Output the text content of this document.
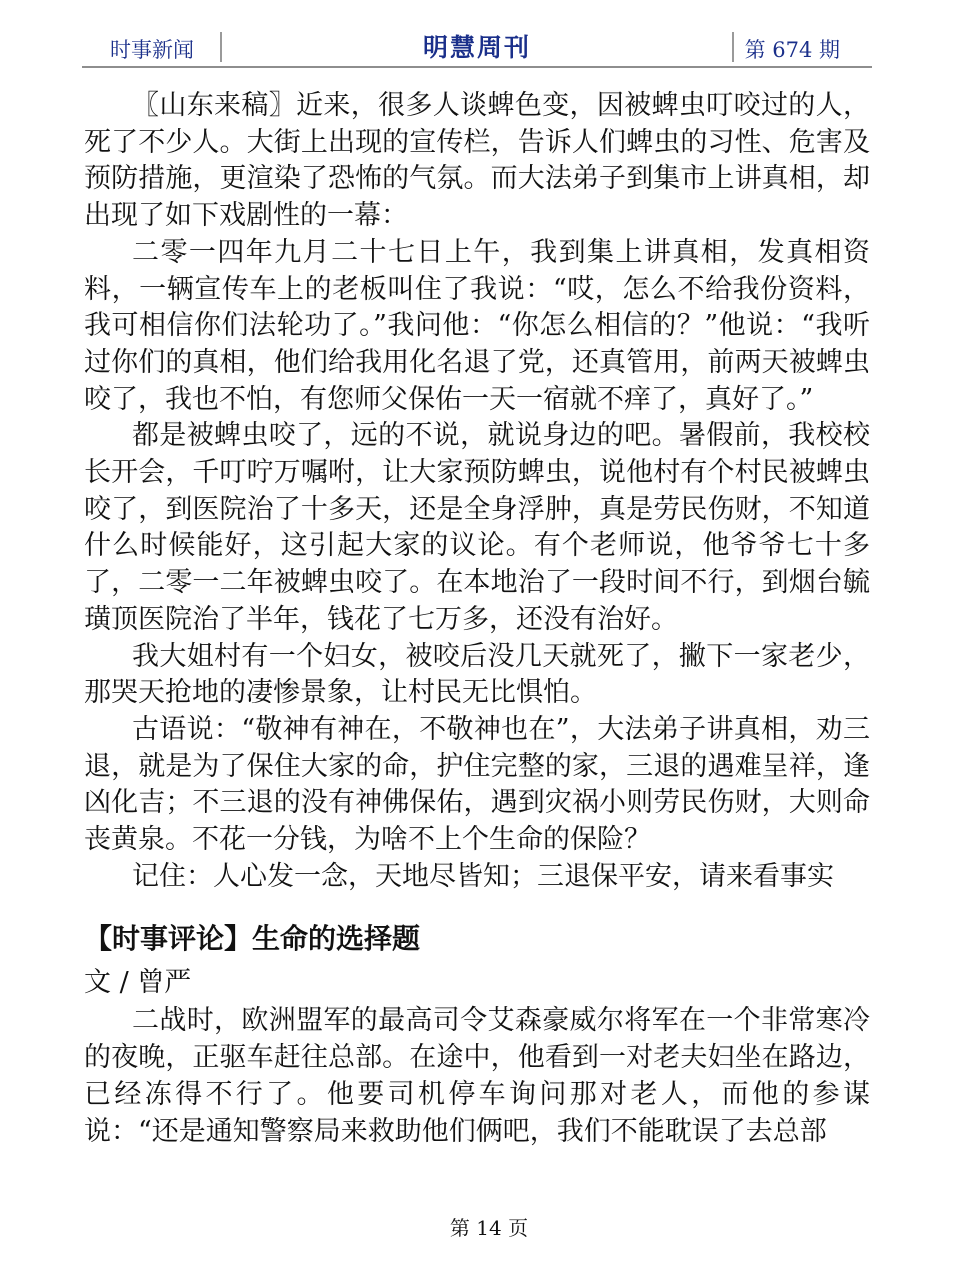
时事新闻	明慧周刊	第 674 期

〖山东来稿〗近来，很多人谈蜱色变，因被蜱虫叮咬过的人，死了不少人。大街上出现的宣传栏，告诉人们蜱虫的习性、危害及预防措施，更渲染了恐怖的气氛。而大法弟子到集市上讲真相，却出现了如下戏剧性的一幕：

二零一四年九月二十七日上午，我到集上讲真相，发真相资料，一辆宣传车上的老板叫住了我说：“哎，怎么不给我份资料，我可相信你们法轮功了。”我问他：“你怎么相信的？”他说：“我听过你们的真相，他们给我用化名退了党，还真管用，前两天被蜱虫咬了，我也不怕，有您师父保佑一天一宿就不痒了，真好了。”

都是被蜱虫咬了，远的不说，就说身边的吧。暑假前，我校校长开会，千叮咛万嘱咐，让大家预防蜱虫，说他村有个村民被蜱虫咬了，到医院治了十多天，还是全身浮肿，真是劳民伤财，不知道什么时候能好，这引起大家的议论。有个老师说，他爷爷七十多了，二零一二年被蜱虫咬了。在本地治了一段时间不行，到烟台毓璜顶医院治了半年，钱花了七万多，还没有治好。

我大姐村有一个妇女，被咬后没几天就死了，撇下一家老少，那哭天抢地的凄惨景象，让村民无比惧怕。

古语说：“敬神有神在，不敬神也在”，大法弟子讲真相，劝三退，就是为了保住大家的命，护住完整的家，三退的遇难呈祥，逢凶化吉；不三退的没有神佛保佑，遇到灾祸小则劳民伤财，大则命丧黄泉。不花一分钱，为啥不上个生命的保险？

记住：人心发一念，天地尽皆知；三退保平安，请来看事实

【时事评论】生命的选择题
文 / 曾严

二战时，欧洲盟军的最高司令艾森豪威尔将军在一个非常寒冷的夜晚，正驱车赶往总部。在途中，他看到一对老夫妇坐在路边，已经冻得不行了。他要司机停车询问那对老人，而他的参谋说：“还是通知警察局来救助他们俩吧，我们不能耽误了去总部

第 14 页
